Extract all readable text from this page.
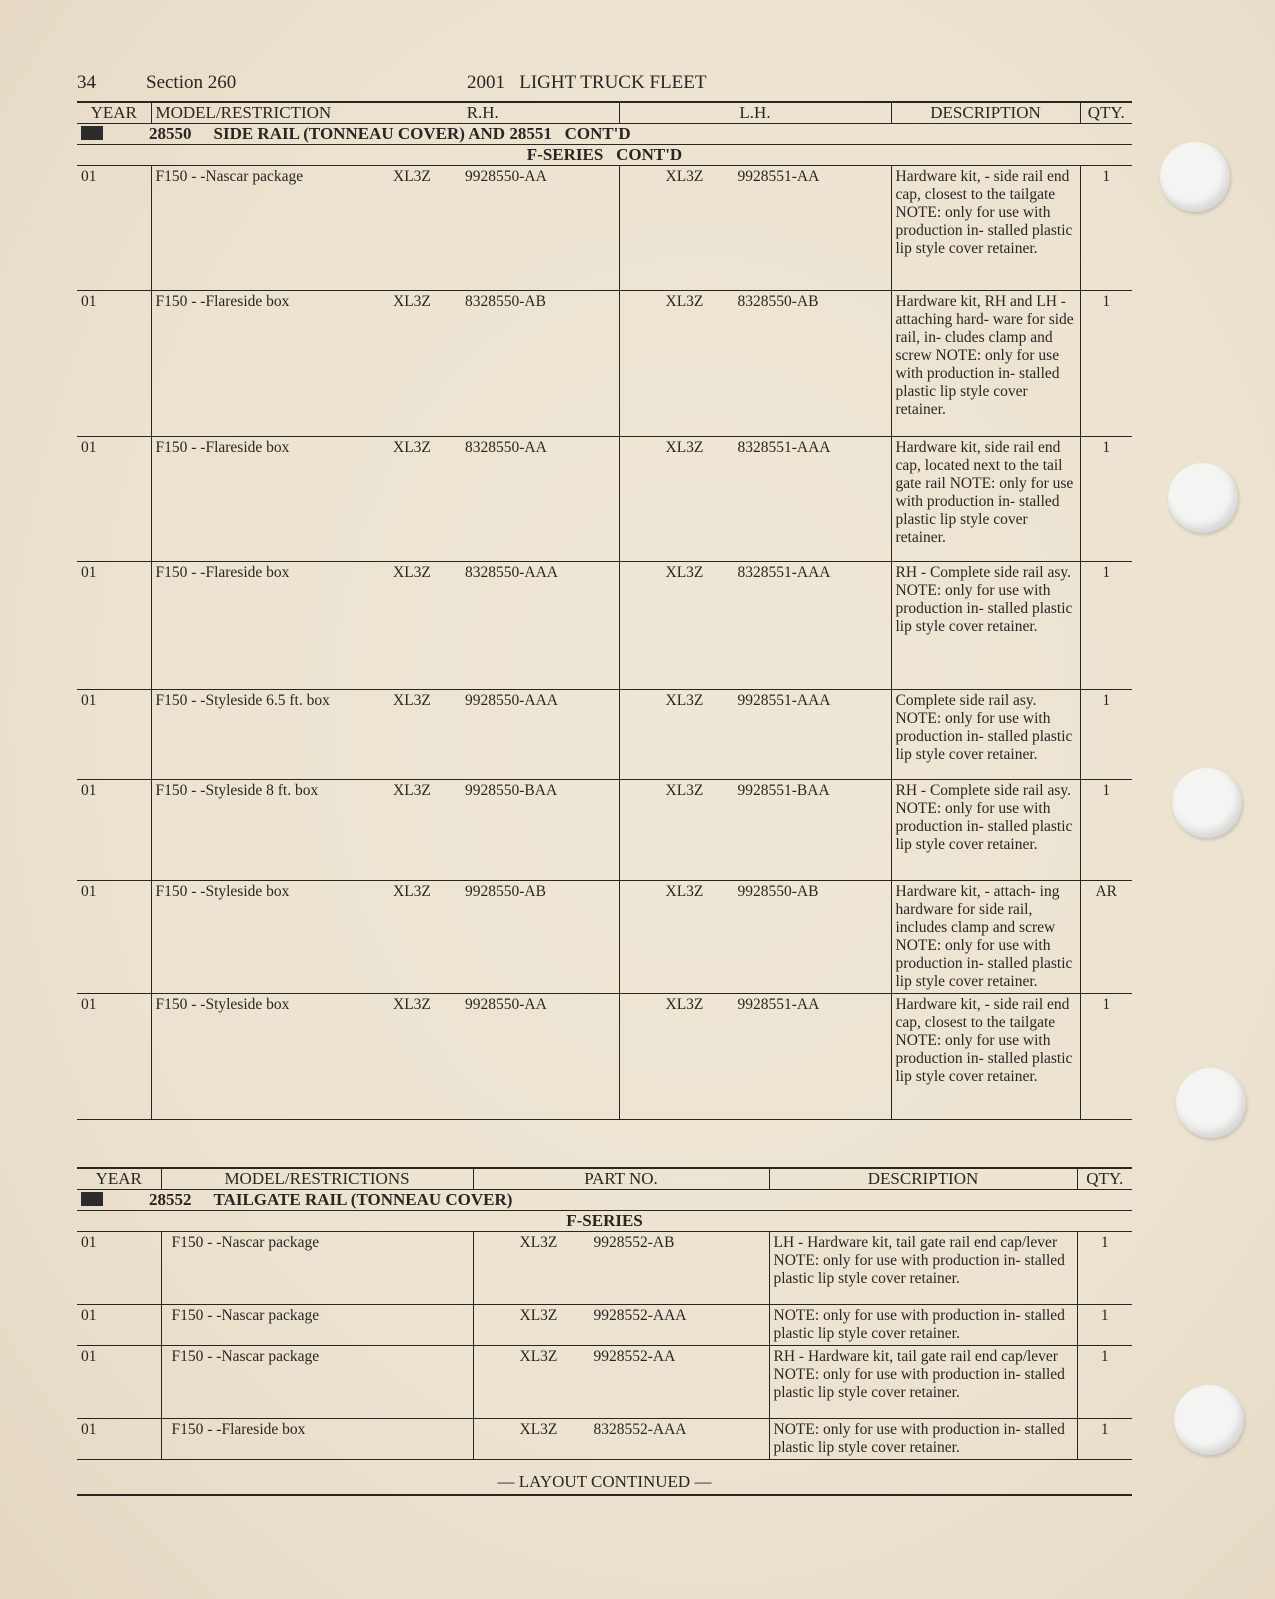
34	Section 260	2001   LIGHT TRUCK FLEET
YEAR	MODEL/RESTRICTION	R.H.	L.H.	DESCRIPTION	QTY.
28550 SIDE RAIL (TONNEAU COVER) AND 28551   CONT'D					
F-SERIES   CONT'D					
01	F150 - -Nascar package	XL3Z 9928550-AA	XL3Z 9928551-AA	Hardware kit, - side rail end cap, closest to the tailgate NOTE: only for use with production in- stalled plastic lip style cover retainer.	1
01	F150 - -Flareside box	XL3Z 8328550-AB	XL3Z 8328550-AB	Hardware kit, RH and LH - attaching hard- ware for side rail, in- cludes clamp and screw NOTE: only for use with production in- stalled plastic lip style cover retainer.	1
01	F150 - -Flareside box	XL3Z 8328550-AA	XL3Z 8328551-AAA	Hardware kit, side rail end cap, located next to the tail gate rail NOTE: only for use with production in- stalled plastic lip style cover retainer.	1
01	F150 - -Flareside box	XL3Z 8328550-AAA	XL3Z 8328551-AAA	RH - Complete side rail asy. NOTE: only for use with production in- stalled plastic lip style cover retainer.	1
01	F150 - -Styleside 6.5 ft. box	XL3Z 9928550-AAA	XL3Z 9928551-AAA	Complete side rail asy. NOTE: only for use with production in- stalled plastic lip style cover retainer.	1
01	F150 - -Styleside 8 ft. box	XL3Z 9928550-BAA	XL3Z 9928551-BAA	RH - Complete side rail asy. NOTE: only for use with production in- stalled plastic lip style cover retainer.	1
01	F150 - -Styleside box	XL3Z 9928550-AB	XL3Z 9928550-AB	Hardware kit, - attach- ing hardware for side rail, includes clamp and screw NOTE: only for use with production in- stalled plastic lip style cover retainer.	AR
01	F150 - -Styleside box	XL3Z 9928550-AA	XL3Z 9928551-AA	Hardware kit, - side rail end cap, closest to the tailgate NOTE: only for use with production in- stalled plastic lip style cover retainer.	1
YEAR	MODEL/RESTRICTIONS	PART NO.	DESCRIPTION	QTY.
28552 TAILGATE RAIL (TONNEAU COVER)				
F-SERIES				
01	F150 - -Nascar package	XL3Z 9928552-AB	LH - Hardware kit, tail gate rail end cap/lever NOTE: only for use with production in- stalled plastic lip style cover retainer.	1
01	F150 - -Nascar package	XL3Z 9928552-AAA	NOTE: only for use with production in- stalled plastic lip style cover retainer.	1
01	F150 - -Nascar package	XL3Z 9928552-AA	RH - Hardware kit, tail gate rail end cap/lever NOTE: only for use with production in- stalled plastic lip style cover retainer.	1
01	F150 - -Flareside box	XL3Z 8328552-AAA	NOTE: only for use with production in- stalled plastic lip style cover retainer.	1
— LAYOUT CONTINUED —
